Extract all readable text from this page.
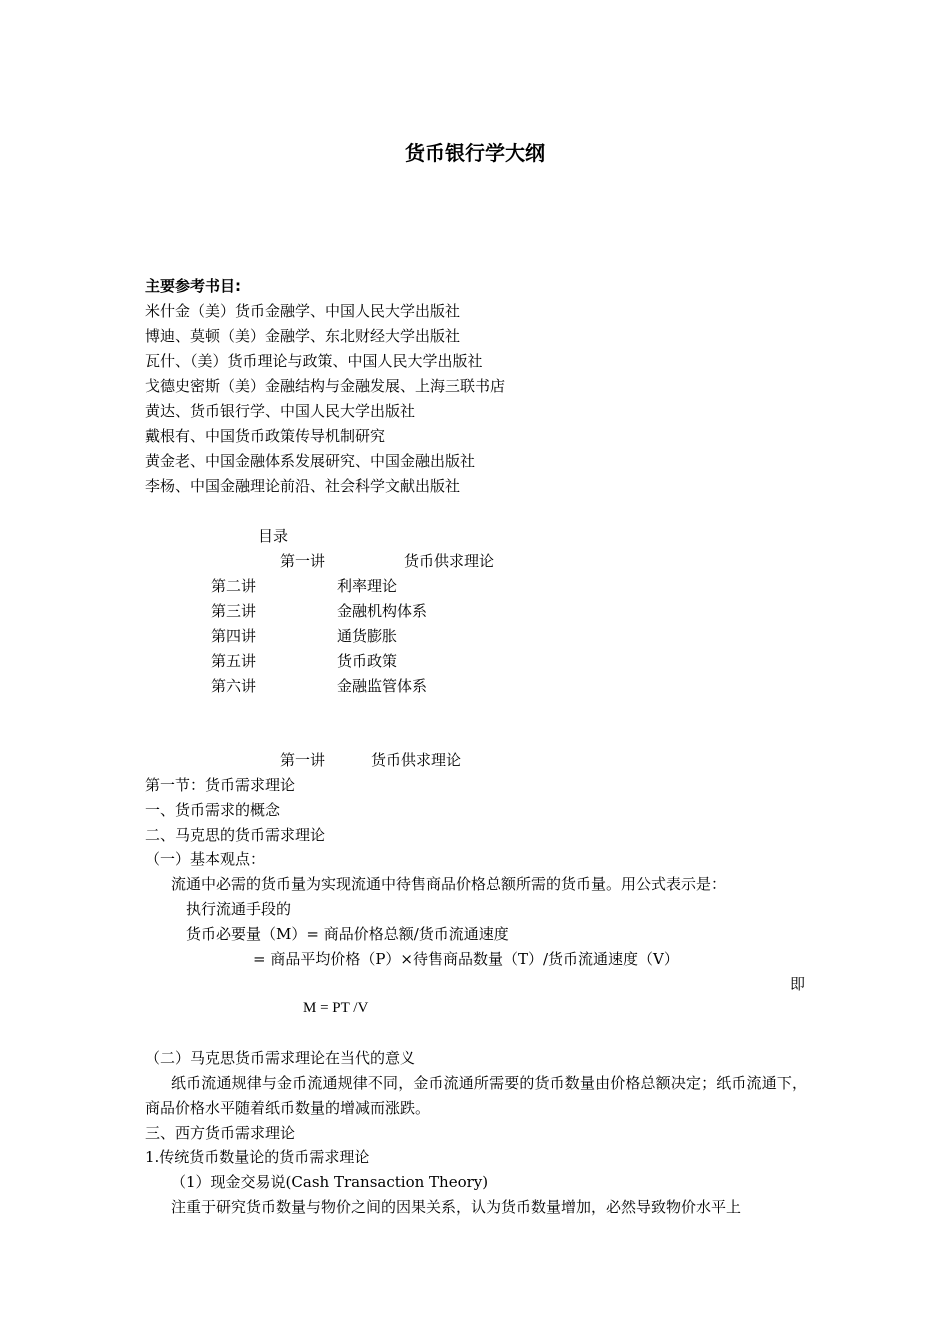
货币银行学大纲
主要参考书目:
米什金（美）货币金融学、中国人民大学出版社
博迪、莫顿（美）金融学、东北财经大学出版社
瓦什、（美）货币理论与政策、中国人民大学出版社
戈德史密斯（美）金融结构与金融发展、上海三联书店
黄达、货币银行学、中国人民大学出版社
戴根有、中国货币政策传导机制研究
黄金老、中国金融体系发展研究、中国金融出版社
李杨、中国金融理论前沿、社会科学文献出版社
目录
第一讲	货币供求理论
第二讲	利率理论
第三讲	金融机构体系
第四讲	通货膨胀
第五讲	货币政策
第六讲	金融监管体系
第一讲	货币供求理论
第一节：货币需求理论
一、货币需求的概念
二、马克思的货币需求理论
（一）基本观点：
流通中必需的货币量为实现流通中待售商品价格总额所需的货币量。用公式表示是：
执行流通手段的
货币必要量（M）= 商品价格总额/货币流通速度
= 商品平均价格（P）×待售商品数量（T）/货币流通速度（V）
即
M = PT /V
（二）马克思货币需求理论在当代的意义
纸币流通规律与金币流通规律不同，金币流通所需要的货币数量由价格总额决定；纸币流通下，商品价格水平随着纸币数量的增减而涨跌。
三、西方货币需求理论
1.传统货币数量论的货币需求理论
（1）现金交易说(Cash Transaction Theory)
注重于研究货币数量与物价之间的因果关系，认为货币数量增加，必然导致物价水平上
